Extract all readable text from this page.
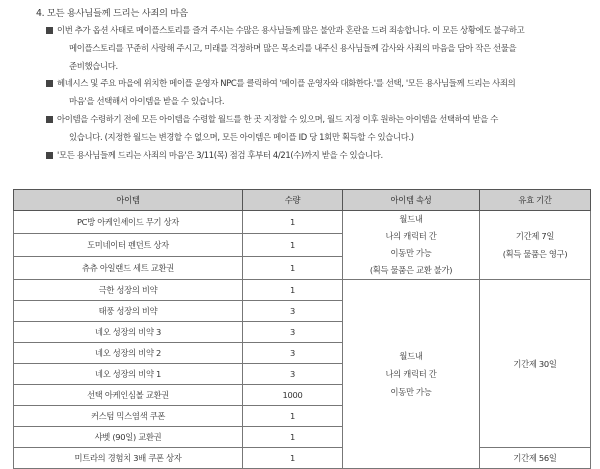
4. 모든 용사님들께 드리는 사죄의 마음
이번 추가 옵션 사태로 메이플스토리를 즐겨 주시는 수많은 용사님들께 많은 불안과 혼란을 드려 죄송합니다. 이 모든 상황에도 불구하고
메이플스토리를 꾸준히 사랑해 주시고, 미래를 걱정하며 많은 목소리를 내주신 용사님들께 감사와 사죄의 마음을 담아 작은 선물을
준비했습니다.
헤네시스 및 주요 마을에 위치한 메이플 운영자 NPC를 클릭하여 '메이플 운영자와 대화한다.'를 선택, '모든 용사님들께 드리는 사죄의
마음'을 선택해서 아이템을 받을 수 있습니다.
아이템을 수령하기 전에 모든 아이템을 수령할 월드를 한 곳 지정할 수 있으며, 월드 지정 이후 원하는 아이템을 선택하여 받을 수
있습니다. (지정한 월드는 변경할 수 없으며, 모든 아이템은 메이플 ID 당 1회만 획득할 수 있습니다.)
'모든 용사님들께 드리는 사죄의 마음'은 3/11(목) 점검 후부터 4/21(수)까지 받을 수 있습니다.
아이템	수량	아이템 속성	유효 기간
PC방 아케인셰이드 무기 상자	1	월드내
나의 캐릭터 간
이동만 가능
(획득 물품은 교환 불가)	기간제 7일
(획득 물품은 영구)

도미네이터 펜던트 상자	1		
츄츄 아일랜드 세트 교환권	1		
극한 성장의 비약	1	월드내
나의 캐릭터 간
이동만 가능	기간제 30일
태풍 성장의 비약	3		
네오 성장의 비약 3	3		
네오 성장의 비약 2	3		
네오 성장의 비약 1	3		
선택 아케인심볼 교환권	1000		
커스텀 믹스염색 쿠폰	1		
샤벳 (90일) 교환권	1		
미트라의 경험치 3배 쿠폰 상자	1		기간제 56일
